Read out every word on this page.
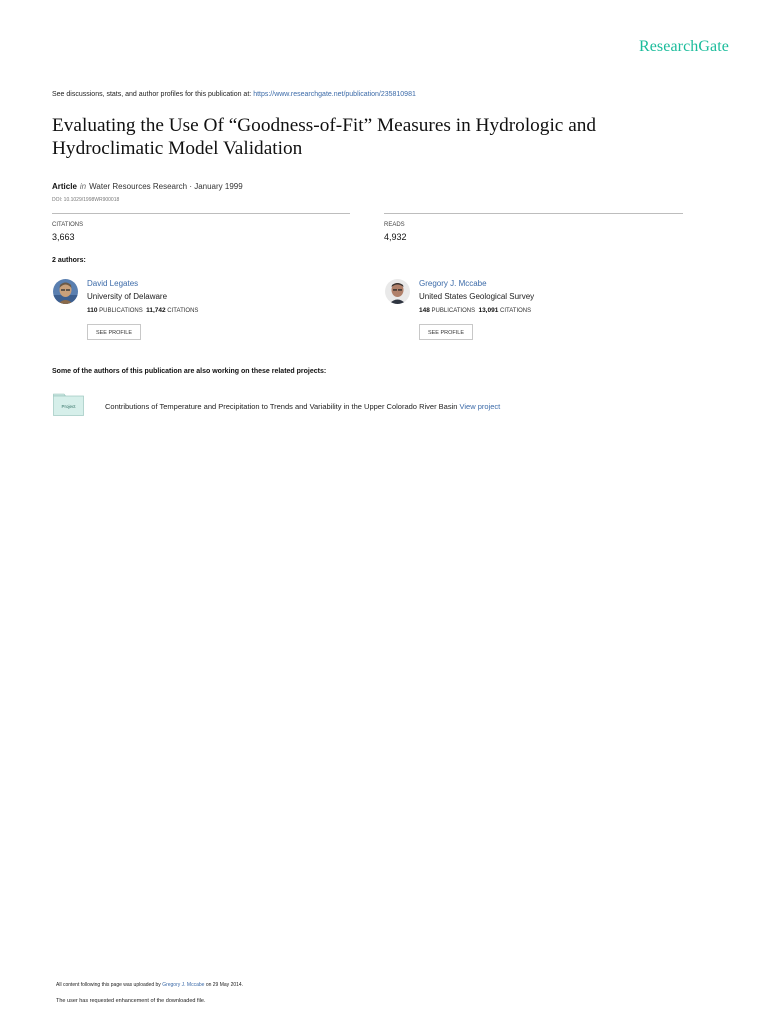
ResearchGate
See discussions, stats, and author profiles for this publication at: https://www.researchgate.net/publication/235810981
Evaluating the Use Of “Goodness-of-Fit” Measures in Hydrologic and Hydroclimatic Model Validation
Article in Water Resources Research · January 1999
DOI: 10.1029/1998WR900018
CITATIONS
3,663
READS
4,932
2 authors:
David Legates
University of Delaware
110 PUBLICATIONS 11,742 CITATIONS
SEE PROFILE
Gregory J. Mccabe
United States Geological Survey
148 PUBLICATIONS 13,091 CITATIONS
SEE PROFILE
Some of the authors of this publication are also working on these related projects:
Project	Contributions of Temperature and Precipitation to Trends and Variability in the Upper Colorado River Basin View project
All content following this page was uploaded by Gregory J. Mccabe on 29 May 2014.
The user has requested enhancement of the downloaded file.
